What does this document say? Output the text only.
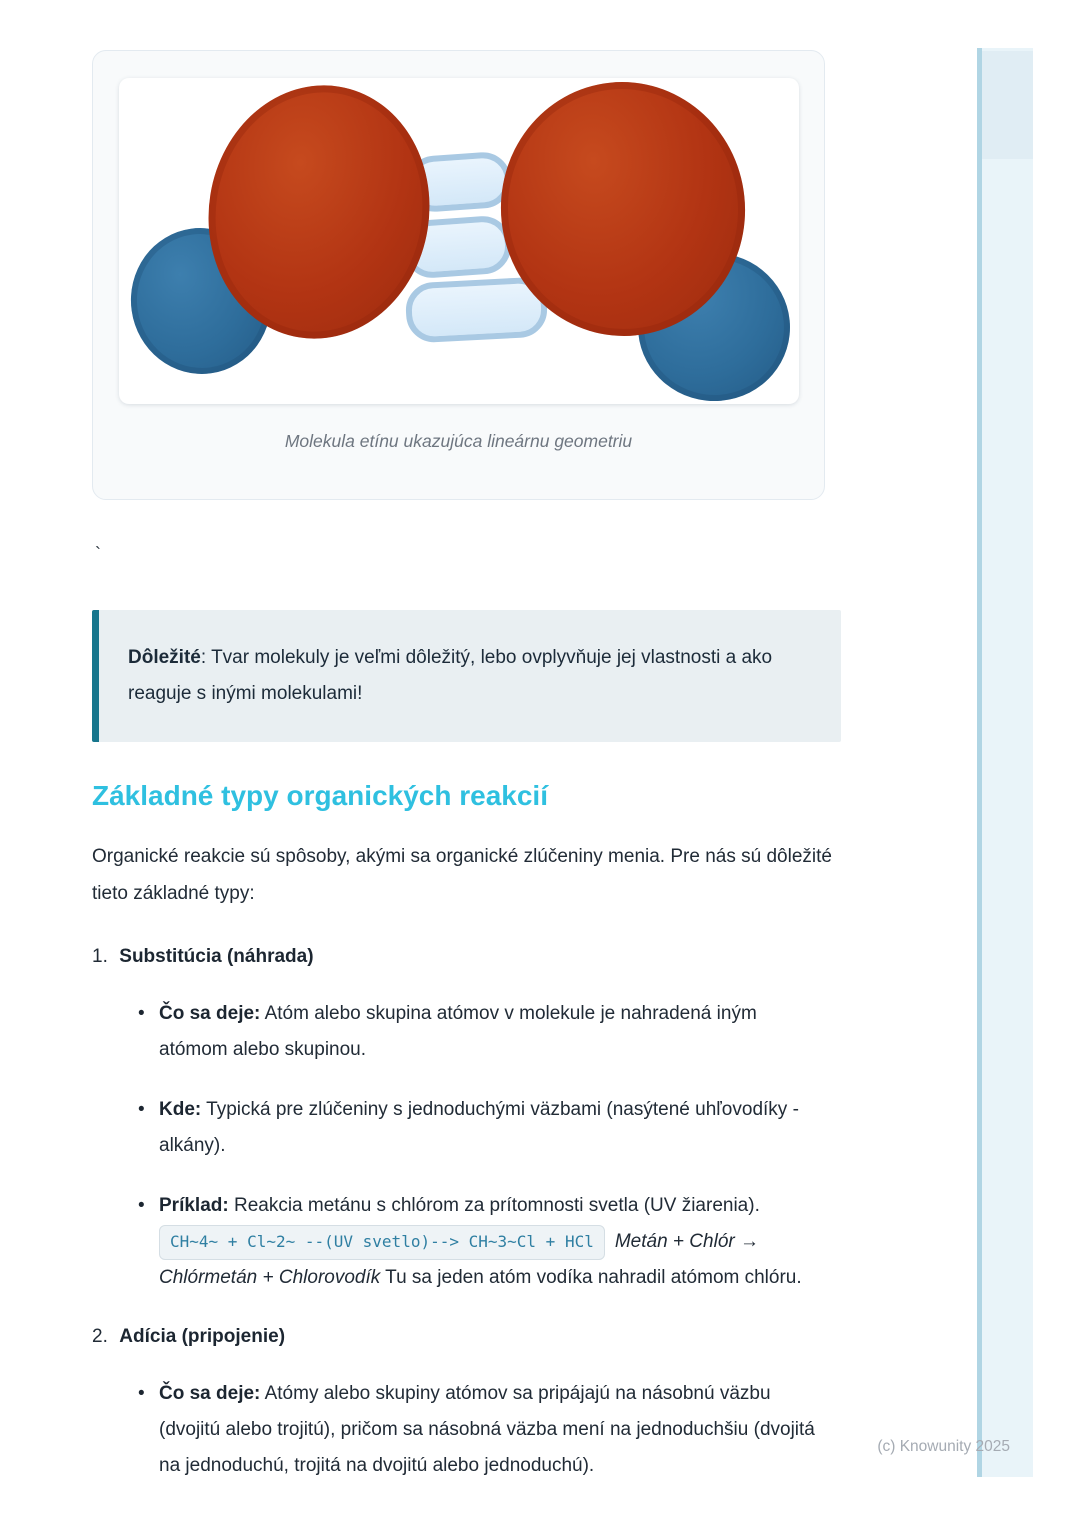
Molekula etínu ukazujúca lineárnu geometriu
`
Dôležité: Tvar molekuly je veľmi dôležitý, lebo ovplyvňuje jej vlastnosti a ako reaguje s inými molekulami!
Základné typy organických reakcií

Organické reakcie sú spôsoby, akými sa organické zlúčeniny menia. Pre nás sú dôležité tieto základné typy:

1. Substitúcia (náhrada)
• Čo sa deje: Atóm alebo skupina atómov v molekule je nahradená iným atómom alebo skupinou.
• Kde: Typická pre zlúčeniny s jednoduchými väzbami (nasýtené uhľovodíky - alkány).
• Príklad: Reakcia metánu s chlórom za prítomnosti svetla (UV žiarenia).
CH~4~ + Cl~2~ --(UV svetlo)--> CH~3~Cl + HCl Metán + Chlór → Chlórmetán + Chlorovodík Tu sa jeden atóm vodíka nahradil atómom chlóru.
2. Adícia (pripojenie)
• Čo sa deje: Atómy alebo skupiny atómov sa pripájajú na násobnú väzbu (dvojitú alebo trojitú), pričom sa násobná väzba mení na jednoduchšiu (dvojitá na jednoduchú, trojitá na dvojitú alebo jednoduchú).
(c) Knowunity 2025
